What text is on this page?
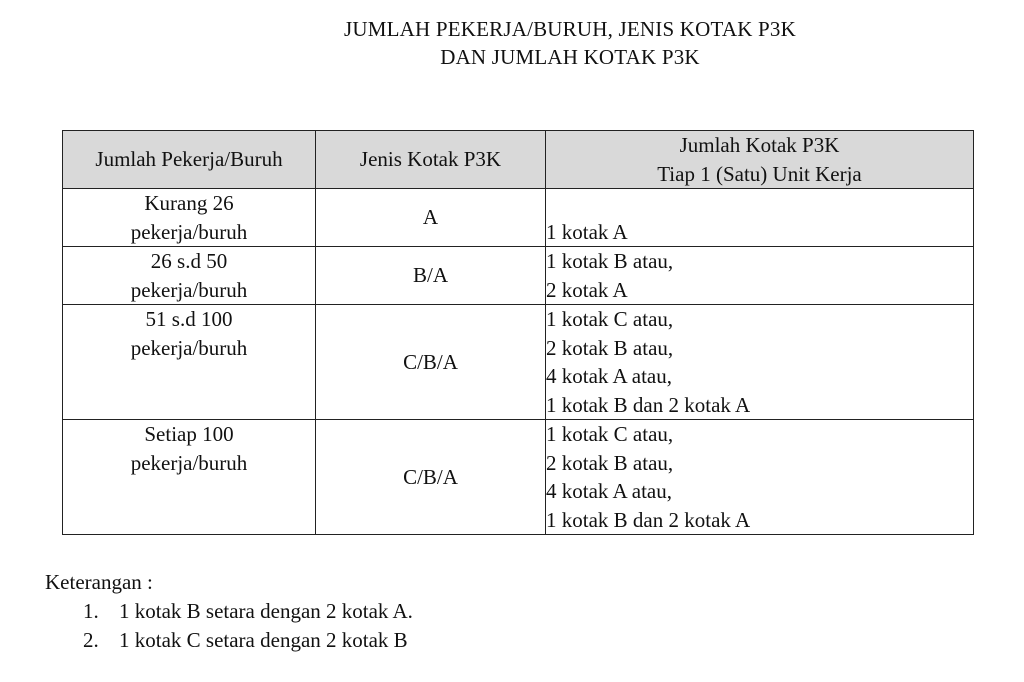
JUMLAH PEKERJA/BURUH, JENIS KOTAK P3K
DAN JUMLAH KOTAK P3K
Jumlah Pekerja/Buruh	Jenis Kotak P3K	Jumlah Kotak P3K
Tiap 1 (Satu) Unit Kerja

Kurang 26
pekerja/buruh	A	1 kotak A

26 s.d 50
pekerja/buruh	B/A	1 kotak B atau,
2 kotak A

51 s.d 100
pekerja/buruh	C/B/A	1 kotak C atau,
2 kotak B atau,
4 kotak A atau,
1 kotak B dan 2 kotak A

Setiap 100
pekerja/buruh	C/B/A	1 kotak C atau,
2 kotak B atau,
4 kotak A atau,
1 kotak B dan 2 kotak A
Keterangan :
1. 1 kotak B setara dengan 2 kotak A.
2. 1 kotak C setara dengan 2 kotak B
